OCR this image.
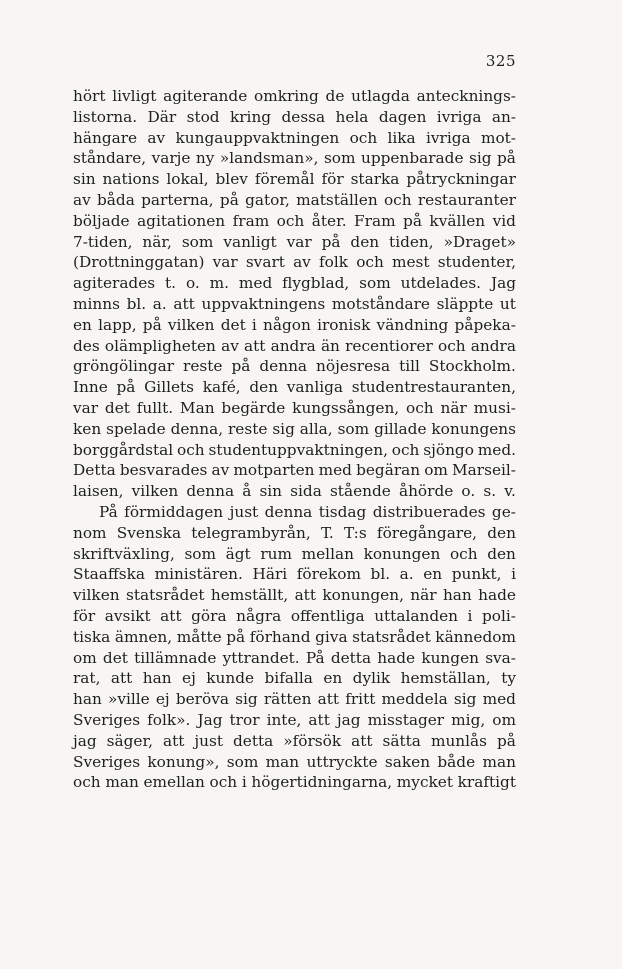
325
hört livligt agiterande omkring de utlagda antecknings-
listorna. Där stod kring dessa hela dagen ivriga an-
hängare av kungauppvaktningen och lika ivriga mot-
ståndare, varje ny »landsman», som uppenbarade sig på
sin nations lokal, blev föremål för starka påtryckningar
av båda parterna, på gator, matställen och restauranter
böljade agitationen fram och åter. Fram på kvällen vid
7-tiden, när, som vanligt var på den tiden, »Draget»
(Drottninggatan) var svart av folk och mest studenter,
agiterades t. o. m. med flygblad, som utdelades. Jag
minns bl. a. att uppvaktningens motståndare släppte ut
en lapp, på vilken det i någon ironisk vändning påpeka-
des olämpligheten av att andra än recentiorer och andra
gröngölingar reste på denna nöjesresa till Stockholm.
Inne på Gillets kafé, den vanliga studentrestauranten,
var det fullt. Man begärde kungssången, och när musi-
ken spelade denna, reste sig alla, som gillade konungens
borggårdstal och studentuppvaktningen, och sjöngo med.
Detta besvarades av motparten med begäran om Marseil-
laisen, vilken denna å sin sida stående åhörde o. s. v.
På förmiddagen just denna tisdag distribuerades ge-
nom Svenska telegrambyrån, T. T:s föregångare, den
skriftväxling, som ägt rum mellan konungen och den
Staaffska ministären. Häri förekom bl. a. en punkt, i
vilken statsrådet hemställt, att konungen, när han hade
för avsikt att göra några offentliga uttalanden i poli-
tiska ämnen, måtte på förhand giva statsrådet kännedom
om det tillämnade yttrandet. På detta hade kungen sva-
rat, att han ej kunde bifalla en dylik hemställan, ty
han »ville ej beröva sig rätten att fritt meddela sig med
Sveriges folk». Jag tror inte, att jag misstager mig, om
jag säger, att just detta »försök att sätta munlås på
Sveriges konung», som man uttryckte saken både man
och man emellan och i högertidningarna, mycket kraftigt
